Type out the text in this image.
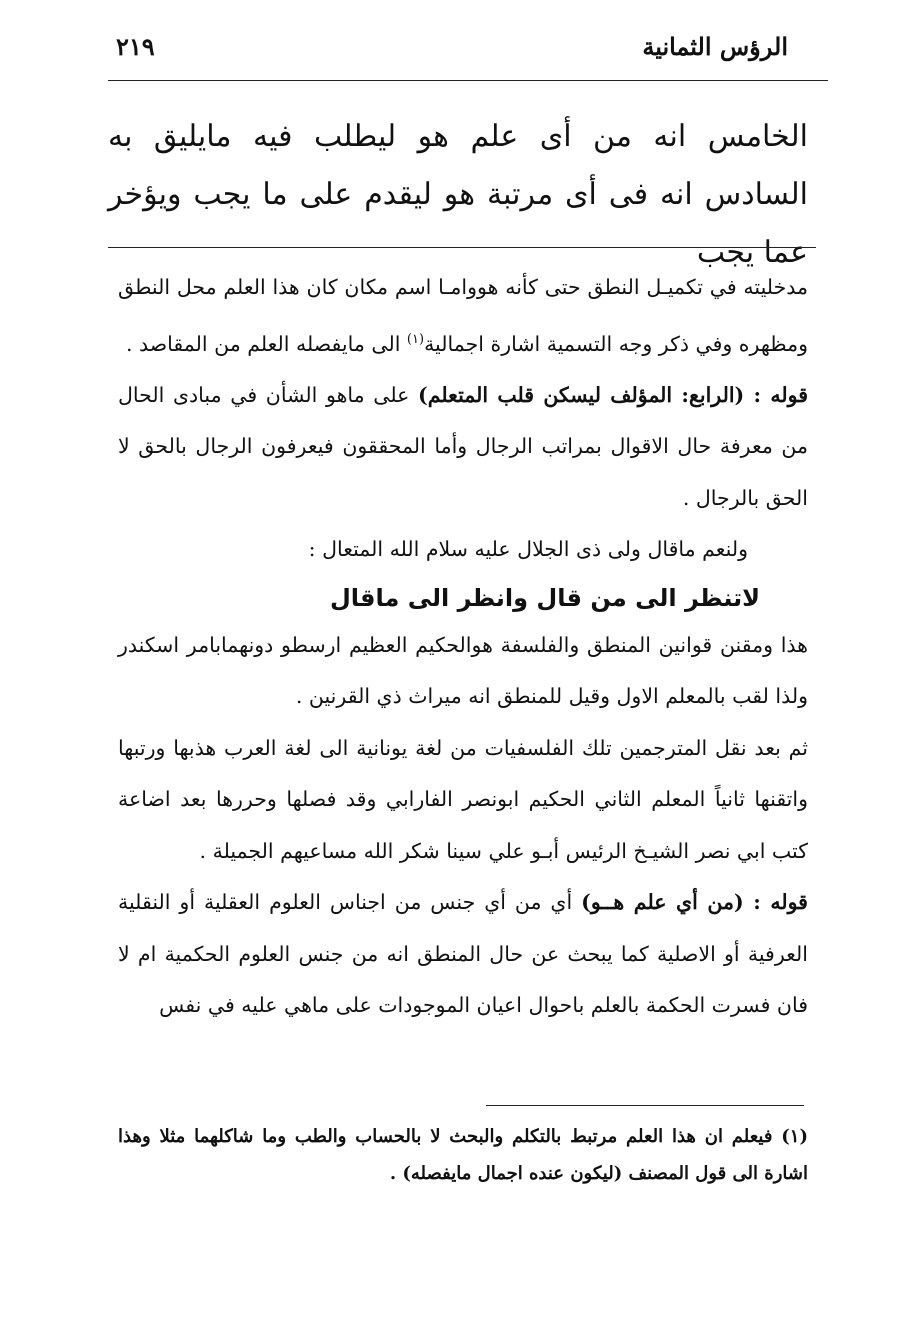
الرؤس الثمانية
٢١٩
الخامس انه من أى علم هو ليطلب فيه مايليق به السادس انه فى أى مرتبة هو ليقدم على ما يجب ويؤخر عما يجب

مدخليته في تكميـل النطق حتى كأنه هووامـا اسم مكان كان هذا العلم محل النطق ومظهره وفي ذكر وجه التسمية اشارة اجمالية$^{(١)}$ الى مايفصله العلم من المقاصد .

قوله : (الرابع: المؤلف ليسكن قلب المتعلم) على ماهو الشأن في مبادى الحال من معرفة حال الاقوال بمراتب الرجال وأما المحققون فيعرفون الرجال بالحق لا الحق بالرجال .

ولنعم ماقال ولى ذى الجلال عليه سلام الله المتعال :

لاتنظر الى من قال وانظر الى ماقال

هذا ومقنن قوانين المنطق والفلسفة هوالحكيم العظيم ارسطو دونهمابامر اسكندر ولذا لقب بالمعلم الاول وقيل للمنطق انه ميراث ذي القرنين .

ثم بعد نقل المترجمين تلك الفلسفيات من لغة يونانية الى لغة العرب هذبها ورتبها واتقنها ثانياً المعلم الثاني الحكيم ابونصر الفارابي وقد فصلها وحررها بعد اضاعة كتب ابي نصر الشيـخ الرئيس أبـو علي سينا شكر الله مساعيهم الجميلة .

قوله : (من أي علم هــو) أي من أي جنس من اجناس العلوم العقلية أو النقلية العرفية أو الاصلية كما يبحث عن حال المنطق انه من جنس العلوم الحكمية ام لا فان فسرت الحكمة بالعلم باحوال اعيان الموجودات على ماهي عليه في نفس

(١) فيعلم ان هذا العلم مرتبط بالتكلم والبحث لا بالحساب والطب وما شاكلهما مثلا وهذا اشارة الى قول المصنف (ليكون عنده اجمال مايفصله) .
